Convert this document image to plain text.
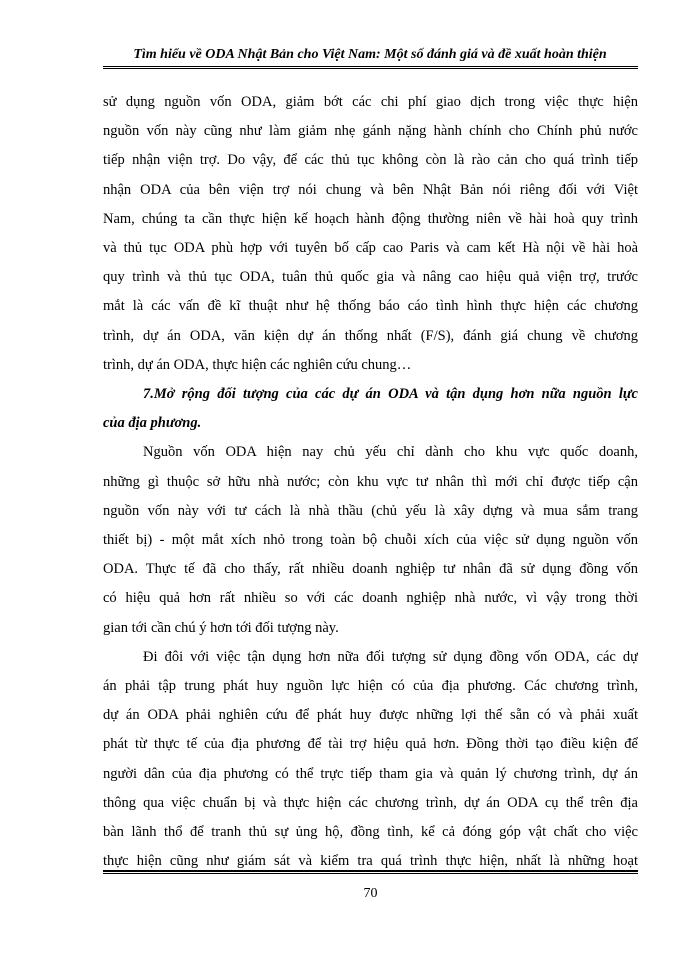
Tìm hiểu về ODA Nhật Bản cho Việt Nam: Một số đánh giá và đề xuất hoàn thiện
sử dụng nguồn vốn ODA, giảm bớt các chi phí giao dịch trong việc thực hiện
nguồn vốn này cũng như làm giảm nhẹ gánh nặng hành chính cho Chính phủ nước
tiếp nhận viện trợ. Do vậy, để các thủ tục không còn là rào cản cho quá trình tiếp
nhận ODA của bên viện trợ nói chung và bên Nhật Bản nói riêng đối với Việt
Nam, chúng ta cần thực hiện kế hoạch hành động thường niên về hài hoà quy trình
và thủ tục ODA phù hợp với tuyên bố cấp cao Paris và cam kết Hà nội về hài hoà
quy trình và thủ tục ODA, tuân thủ quốc gia và nâng cao hiệu quả viện trợ, trước
mắt là các vấn đề kĩ thuật như hệ thống báo cáo tình hình thực hiện các chương
trình, dự án ODA, văn kiện dự án thống nhất (F/S), đánh giá chung về chương
trình, dự án ODA, thực hiện các nghiên cứu chung…
7.Mở rộng đối tượng của các dự án ODA và tận dụng hơn nữa nguồn lực
của địa phương.
Nguồn vốn ODA hiện nay chủ yếu chỉ dành cho khu vực quốc doanh,
những gì thuộc sở hữu nhà nước; còn khu vực tư nhân thì mới chỉ được tiếp cận
nguồn vốn này với tư cách là nhà thầu (chủ yếu là xây dựng và mua sắm trang
thiết bị) - một mắt xích nhỏ trong toàn bộ chuỗi xích của việc sử dụng nguồn vốn
ODA. Thực tế đã cho thấy, rất nhiều doanh nghiệp tư nhân đã sử dụng đồng vốn
có hiệu quả hơn rất nhiều so với các doanh nghiệp nhà nước, vì vậy trong thời
gian tới cần chú ý hơn tới đối tượng này.
Đi đôi với việc tận dụng hơn nữa đối tượng sử dụng đồng vốn ODA, các dự
án phải tập trung phát huy nguồn lực hiện có của địa phương. Các chương trình,
dự án ODA phải nghiên cứu để phát huy được những lợi thế sẵn có và phải xuất
phát từ thực tế của địa phương để tài trợ hiệu quả hơn. Đồng thời tạo điều kiện để
người dân của địa phương có thể trực tiếp tham gia và quản lý chương trình, dự án
thông qua việc chuẩn bị và thực hiện các chương trình, dự án ODA cụ thể trên địa
bàn lãnh thổ để tranh thủ sự ủng hộ, đồng tình, kể cả đóng góp vật chất cho việc
thực hiện cũng như giám sát và kiểm tra quá trình thực hiện, nhất là những hoạt
70
